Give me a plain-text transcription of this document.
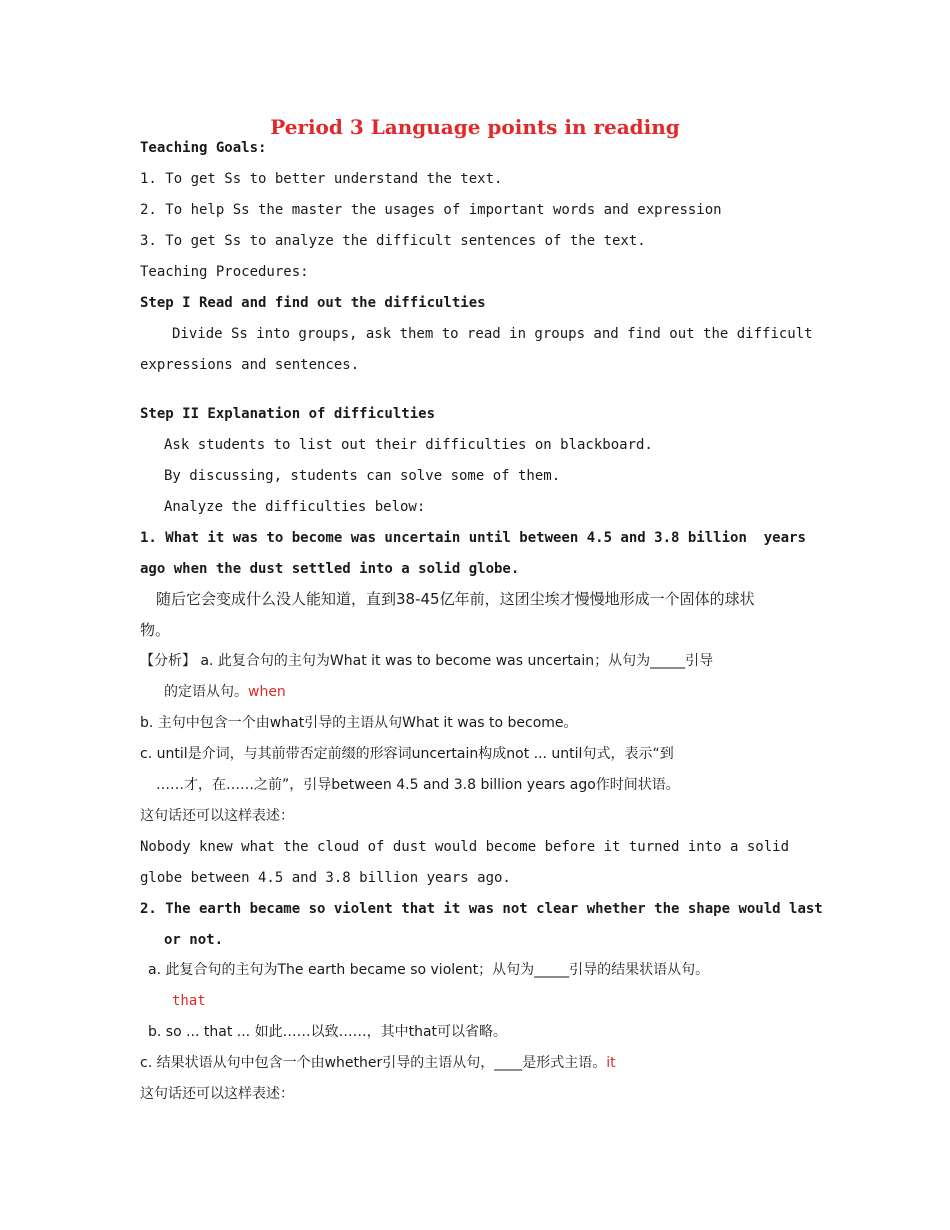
Period 3 Language points in reading
Teaching Goals:
1. To get Ss to better understand the text.
2. To help Ss the master the usages of important words and expression
3. To get Ss to analyze the difficult sentences of the text.
Teaching Procedures:
Step I Read and find out the difficulties
Divide Ss into groups, ask them to read in groups and find out the difficult
expressions and sentences.
Step II Explanation of difficulties
Ask students to list out their difficulties on blackboard.
By discussing, students can solve some of them.
Analyze the difficulties below:
1. What it was to become was uncertain until between 4.5 and 3.8 billion  years
ago when the dust settled into a solid globe.
随后它会变成什么没人能知道，直到38-45亿年前，这团尘埃才慢慢地形成一个固体的球状
物。
【分析】 a. 此复合句的主句为What it was to become was uncertain；从句为_____引导
的定语从句。when
b. 主句中包含一个由what引导的主语从句What it was to become。
c. until是介词，与其前带否定前缀的形容词uncertain构成not ... until句式，表示“到
……才，在……之前”，引导between 4.5 and 3.8 billion years ago作时间状语。
这句话还可以这样表述：
Nobody knew what the cloud of dust would become before it turned into a solid
globe between 4.5 and 3.8 billion years ago.
2. The earth became so violent that it was not clear whether the shape would last
or not.
a. 此复合句的主句为The earth became so violent；从句为_____引导的结果状语从句。
that
b. so ... that ... 如此……以致……，其中that可以省略。
c. 结果状语从句中包含一个由whether引导的主语从句，____是形式主语。it
这句话还可以这样表述：
